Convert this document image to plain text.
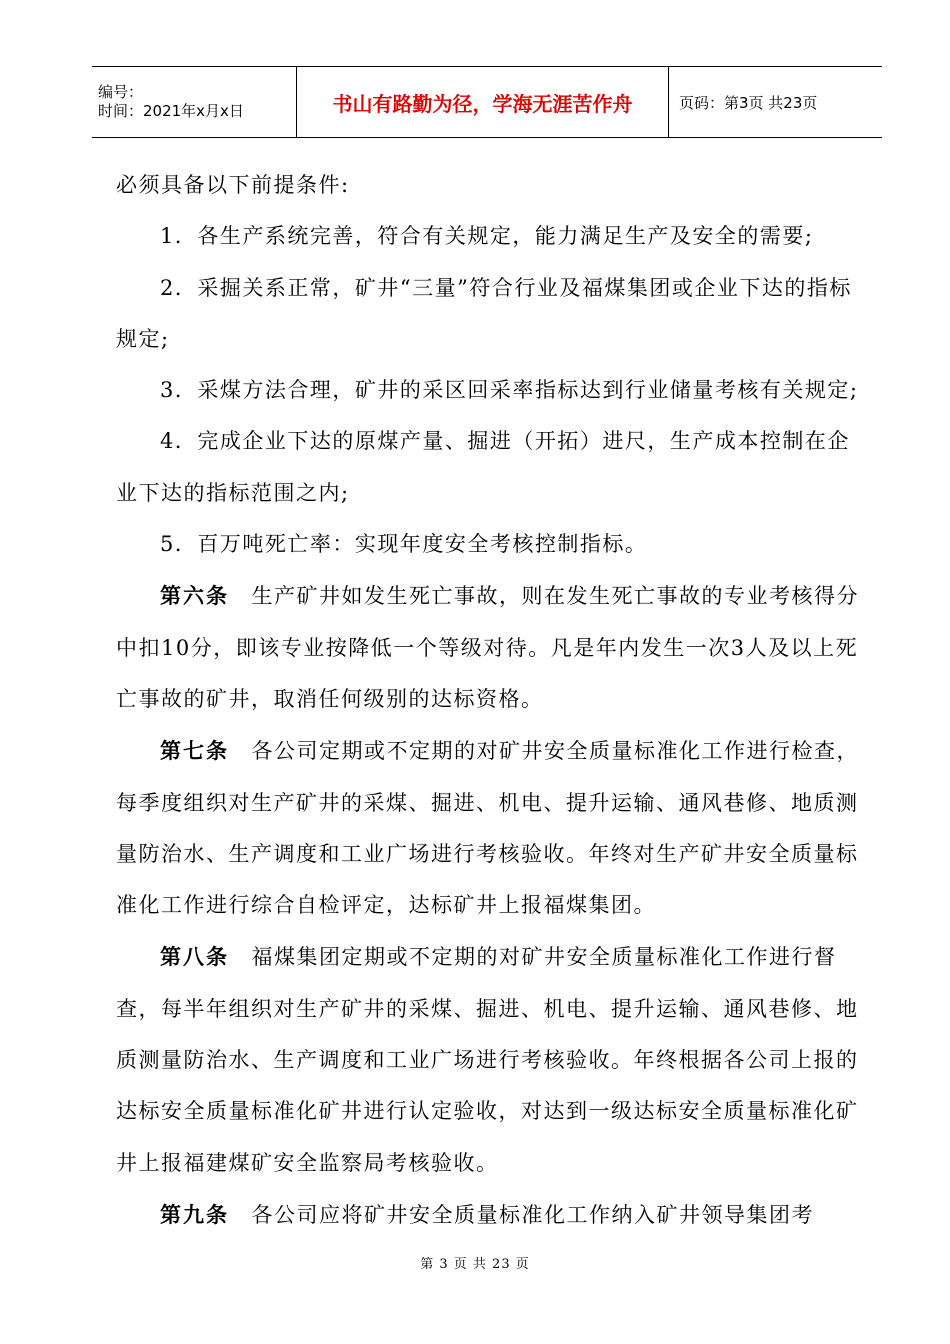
编号：
时间：2021年x月x日	书山有路勤为径，学海无涯苦作舟	页码：第3页 共23页

必须具备以下前提条件:

1．各生产系统完善，符合有关规定，能力满足生产及安全的需要;

2．采掘关系正常，矿井“三量”符合行业及福煤集团或企业下达的指标规定;

3．采煤方法合理，矿井的采区回采率指标达到行业储量考核有关规定;

4．完成企业下达的原煤产量、掘进（开拓）进尺，生产成本控制在企业下达的指标范围之内;

5．百万吨死亡率：实现年度安全考核控制指标。

第六条　 生产矿井如发生死亡事故，则在发生死亡事故的专业考核得分中扣10分，即该专业按降低一个等级对待。凡是年内发生一次3人及以上死亡事故的矿井，取消任何级别的达标资格。

第七条　 各公司定期或不定期的对矿井安全质量标准化工作进行检查，每季度组织对生产矿井的采煤、掘进、机电、提升运输、通风巷修、地质测量防治水、生产调度和工业广场进行考核验收。年终对生产矿井安全质量标准化工作进行综合自检评定，达标矿井上报福煤集团。

第八条　 福煤集团定期或不定期的对矿井安全质量标准化工作进行督查，每半年组织对生产矿井的采煤、掘进、机电、提升运输、通风巷修、地质测量防治水、生产调度和工业广场进行考核验收。年终根据各公司上报的达标安全质量标准化矿井进行认定验收，对达到一级达标安全质量标准化矿井上报福建煤矿安全监察局考核验收。

第九条　 各公司应将矿井安全质量标准化工作纳入矿井领导集团考

第 3 页 共 23 页
